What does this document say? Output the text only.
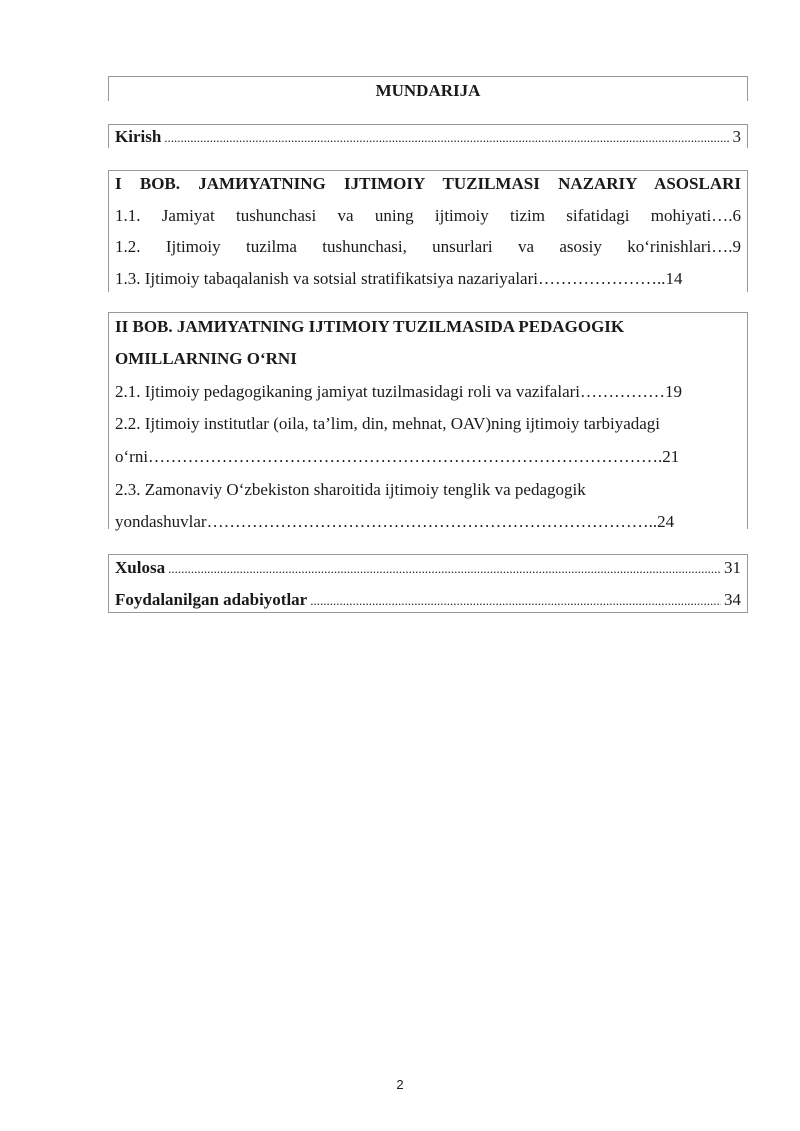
MUNDARIJA
Kirish .....	3
I BOB. JAMИYATNING IJTIMOIY TUZILMASI NAZARIY ASOSLARI
1.1. Jamiyat tushunchasi va uning ijtimoiy tizim sifatidagi mohiyati….6
1.2. Ijtimoiy tuzilma tushunchasi, unsurlari va asosiy ko‘rinishlari….9
1.3. Ijtimoiy tabaqalanish va sotsial stratifikatsiya nazariyalari…………………..14
II BOB. JAMИYATNING IJTIMOIY TUZILMASIDA PEDAGOGIK
OMILLARNING O‘RNI
2.1. Ijtimoiy pedagogikaning jamiyat tuzilmasidagi roli va vazifalari……………19
2.2. Ijtimoiy institutlar (oila, ta’lim, din, mehnat, OAV)ning ijtimoiy tarbiyadagi
o‘rni……………………………………………………………………………….21
2.3. Zamonaviy O‘zbekiston sharoitida ijtimoiy tenglik va pedagogik
yondashuvlar……………………………………………………………………..24
Xulosa .....	31
Foydalanilgan adabiyotlar .....	34
2
